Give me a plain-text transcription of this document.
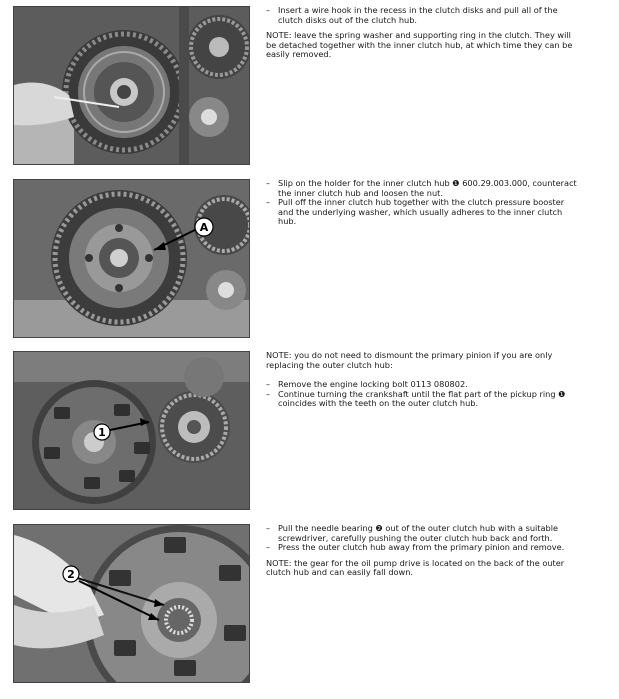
– Insert a wire hook in the recess in the clutch disks and pull all of the clutch disks out of the clutch hub.

NOTE: leave the spring washer and supporting ring in the clutch. They will be detached together with the inner clutch hub, at which time they can be easily removed.

A
– Slip on the holder for the inner clutch hub ❶ 600.29.003.000, counteract the inner clutch hub and loosen the nut.
– Pull off the inner clutch hub together with the clutch pressure booster and the underlying washer, which usually adheres to the inner clutch hub.
1

NOTE: you do not need to dismount the primary pinion if you are only replacing the outer clutch hub:

– Remove the engine locking bolt 0113 080802.
– Continue turning the crankshaft until the flat part of the pickup ring ❶ coincides with the teeth on the outer clutch hub.
2
– Pull the needle bearing ❷ out of the outer clutch hub with a suitable screwdriver, carefully pushing the outer clutch hub back and forth.
– Press the outer clutch hub away from the primary pinion and remove.

NOTE: the gear for the oil pump drive is located on the back of the outer clutch hub and can easily fall down.
